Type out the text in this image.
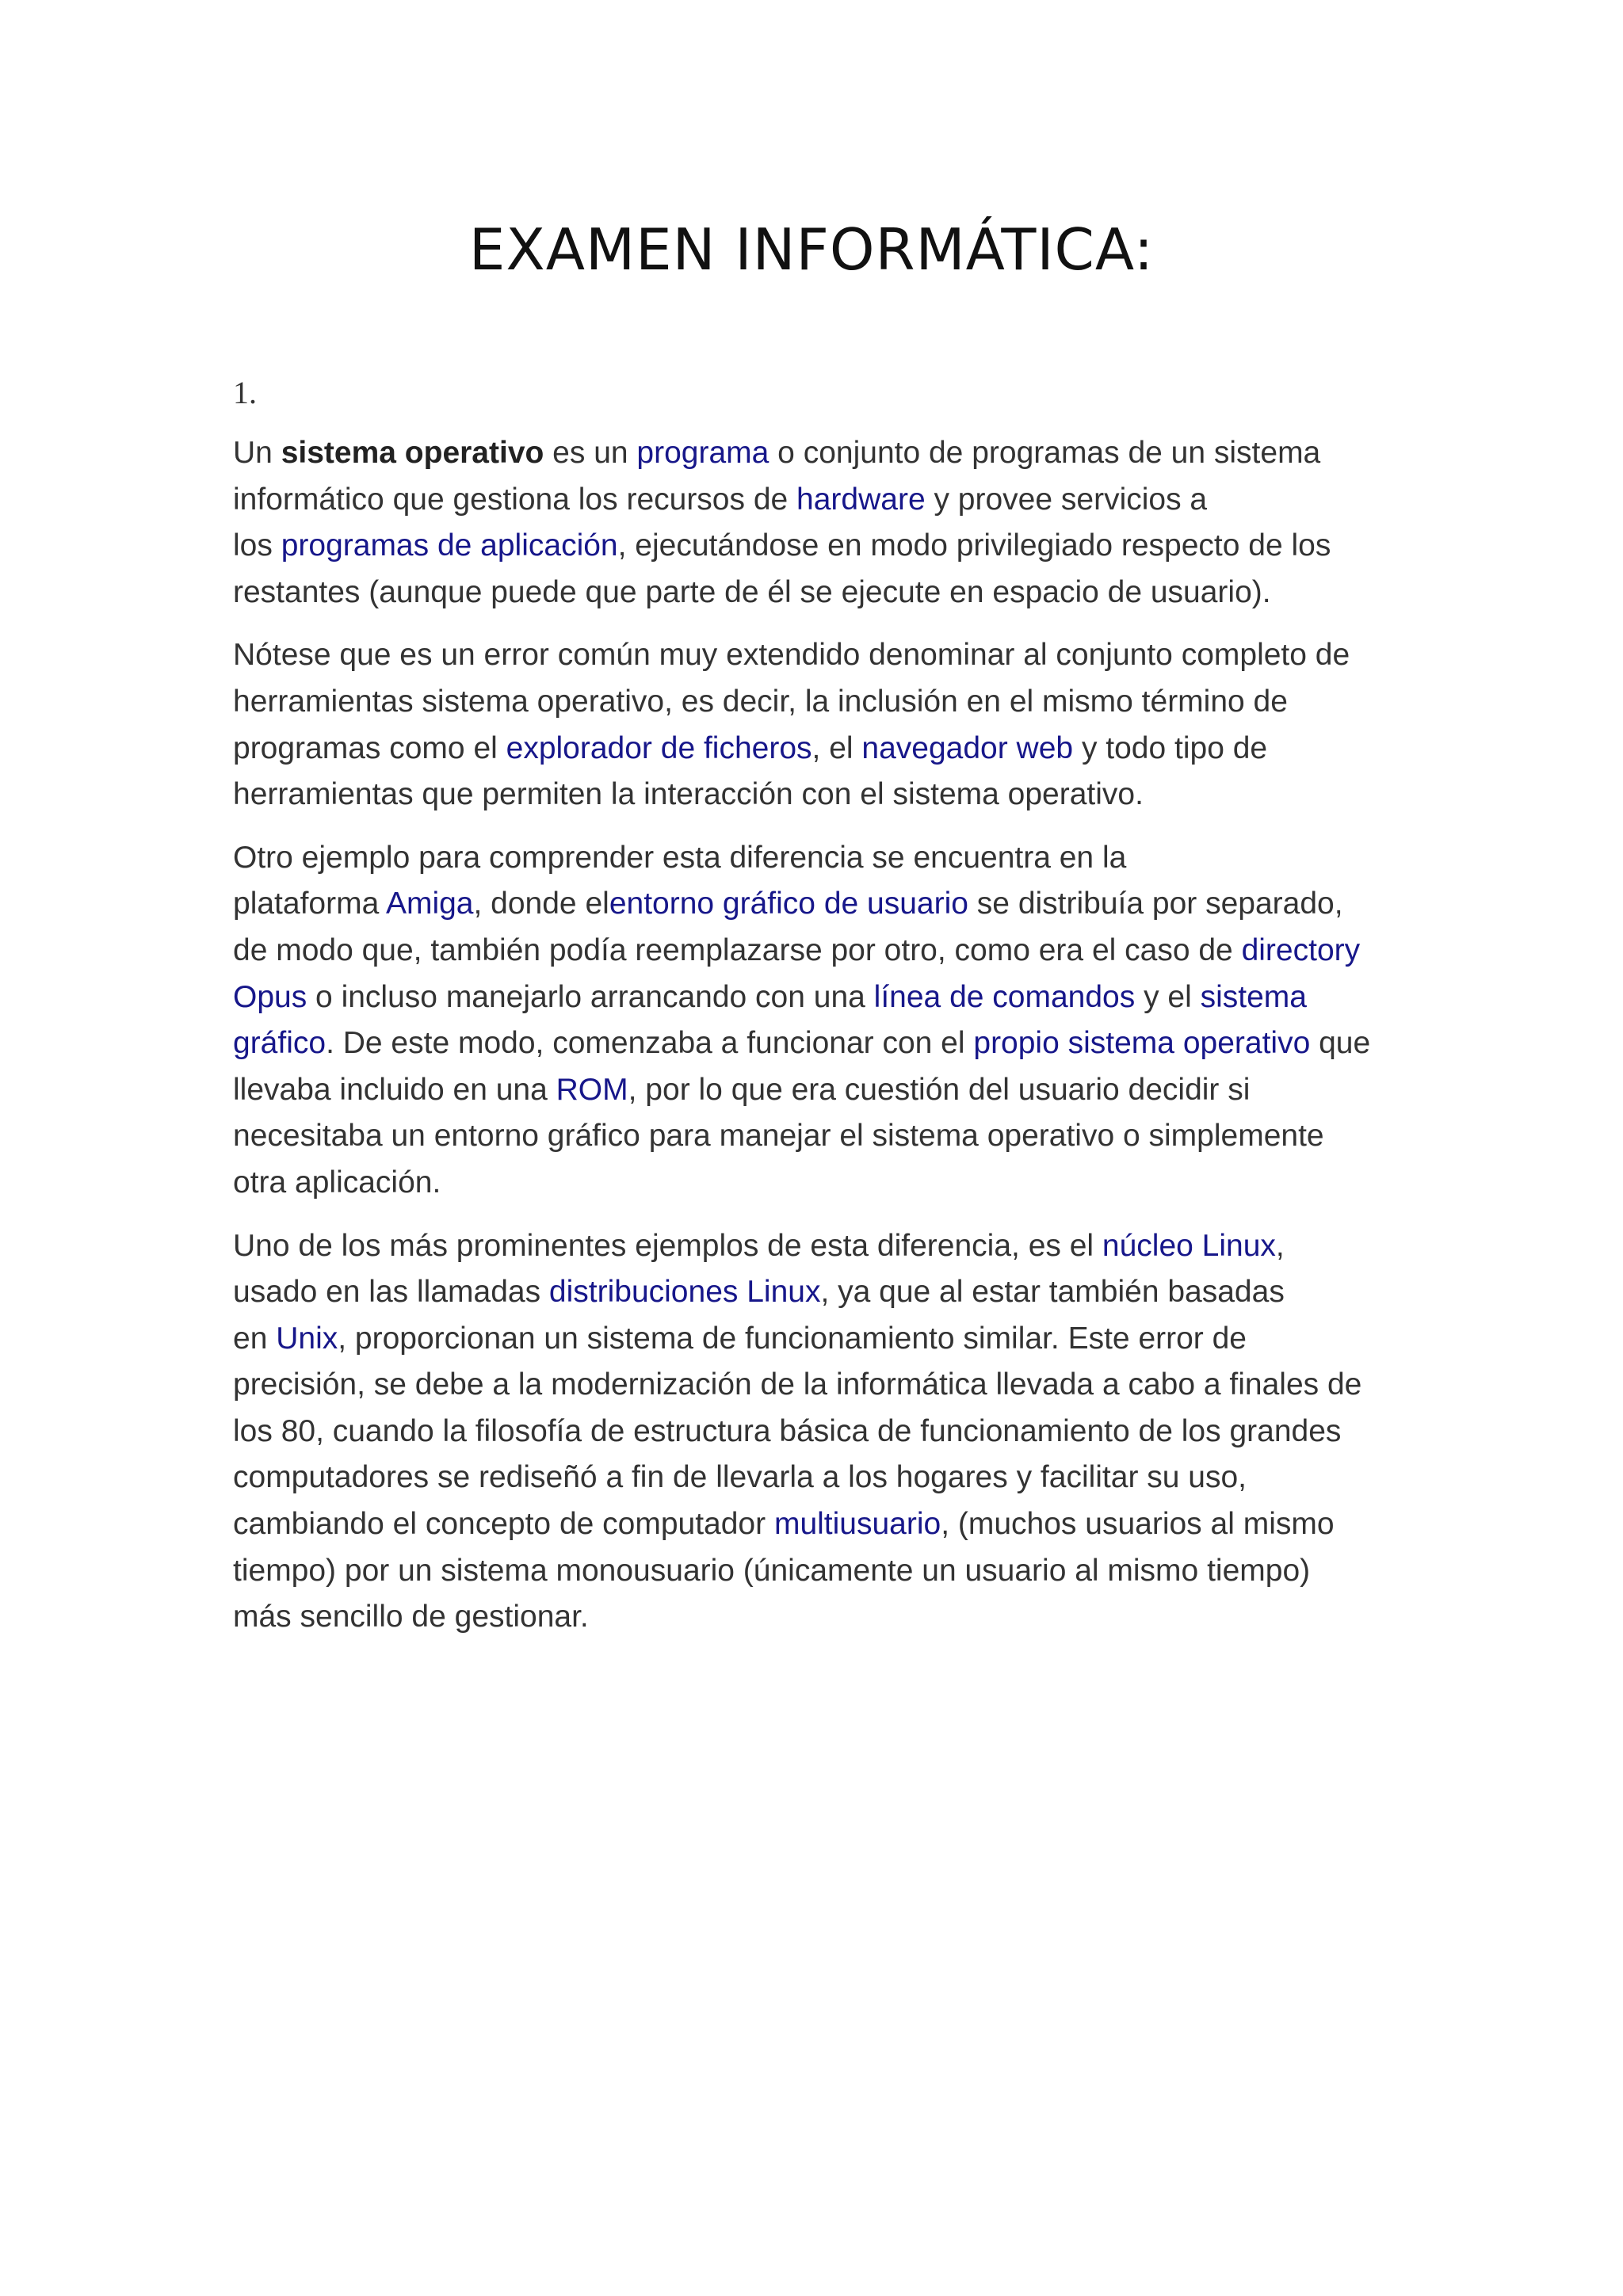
EXAMEN INFORMÁTICA:

1.

Un sistema operativo es un programa o conjunto de programas de un sistema
informático que gestiona los recursos de hardware y provee servicios a
los programas de aplicación, ejecutándose en modo privilegiado respecto de los
restantes (aunque puede que parte de él se ejecute en espacio de usuario).

Nótese que es un error común muy extendido denominar al conjunto completo de
herramientas sistema operativo, es decir, la inclusión en el mismo término de
programas como el explorador de ficheros, el navegador web y todo tipo de
herramientas que permiten la interacción con el sistema operativo.

Otro ejemplo para comprender esta diferencia se encuentra en la
plataforma Amiga, donde elentorno gráfico de usuario se distribuía por separado,
de modo que, también podía reemplazarse por otro, como era el caso de directory
Opus o incluso manejarlo arrancando con una línea de comandos y el sistema
gráfico. De este modo, comenzaba a funcionar con el propio sistema operativo que
llevaba incluido en una ROM, por lo que era cuestión del usuario decidir si
necesitaba un entorno gráfico para manejar el sistema operativo o simplemente
otra aplicación.

Uno de los más prominentes ejemplos de esta diferencia, es el núcleo Linux,
usado en las llamadas distribuciones Linux, ya que al estar también basadas
en Unix, proporcionan un sistema de funcionamiento similar. Este error de
precisión, se debe a la modernización de la informática llevada a cabo a finales de
los 80, cuando la filosofía de estructura básica de funcionamiento de los grandes
computadores se rediseñó a fin de llevarla a los hogares y facilitar su uso,
cambiando el concepto de computador multiusuario, (muchos usuarios al mismo
tiempo) por un sistema monousuario (únicamente un usuario al mismo tiempo)
más sencillo de gestionar.
